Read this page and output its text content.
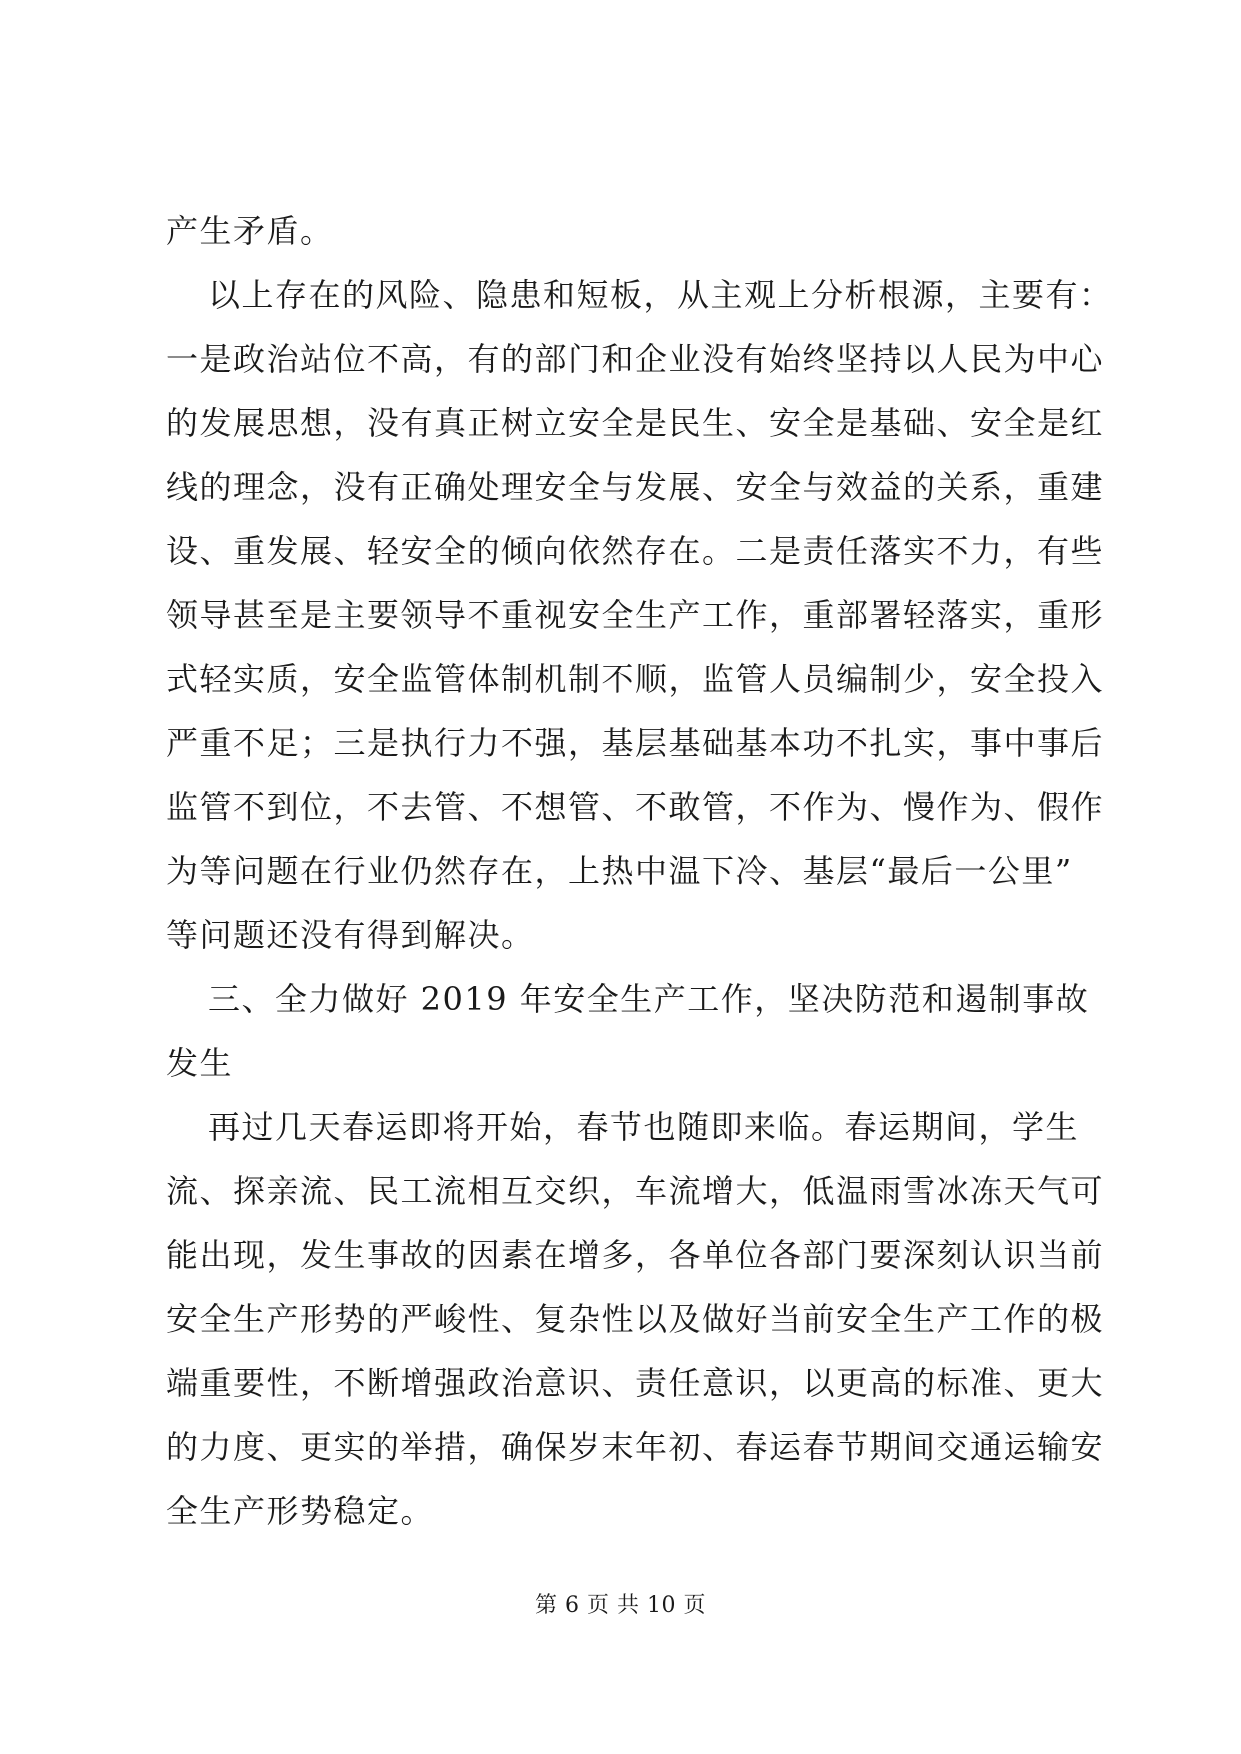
产生矛盾。
以上存在的风险、隐患和短板，从主观上分析根源，主要有：
一是政治站位不高，有的部门和企业没有始终坚持以人民为中心
的发展思想，没有真正树立安全是民生、安全是基础、安全是红
线的理念，没有正确处理安全与发展、安全与效益的关系，重建
设、重发展、轻安全的倾向依然存在。二是责任落实不力，有些
领导甚至是主要领导不重视安全生产工作，重部署轻落实，重形
式轻实质，安全监管体制机制不顺，监管人员编制少，安全投入
严重不足；三是执行力不强，基层基础基本功不扎实，事中事后
监管不到位，不去管、不想管、不敢管，不作为、慢作为、假作
为等问题在行业仍然存在，上热中温下冷、基层“最后一公里”
等问题还没有得到解决。
三、全力做好 2019 年安全生产工作，坚决防范和遏制事故
发生
再过几天春运即将开始，春节也随即来临。春运期间，学生
流、探亲流、民工流相互交织，车流增大，低温雨雪冰冻天气可
能出现，发生事故的因素在增多，各单位各部门要深刻认识当前
安全生产形势的严峻性、复杂性以及做好当前安全生产工作的极
端重要性，不断增强政治意识、责任意识，以更高的标准、更大
的力度、更实的举措，确保岁末年初、春运春节期间交通运输安
全生产形势稳定。
第 6 页 共 10 页
